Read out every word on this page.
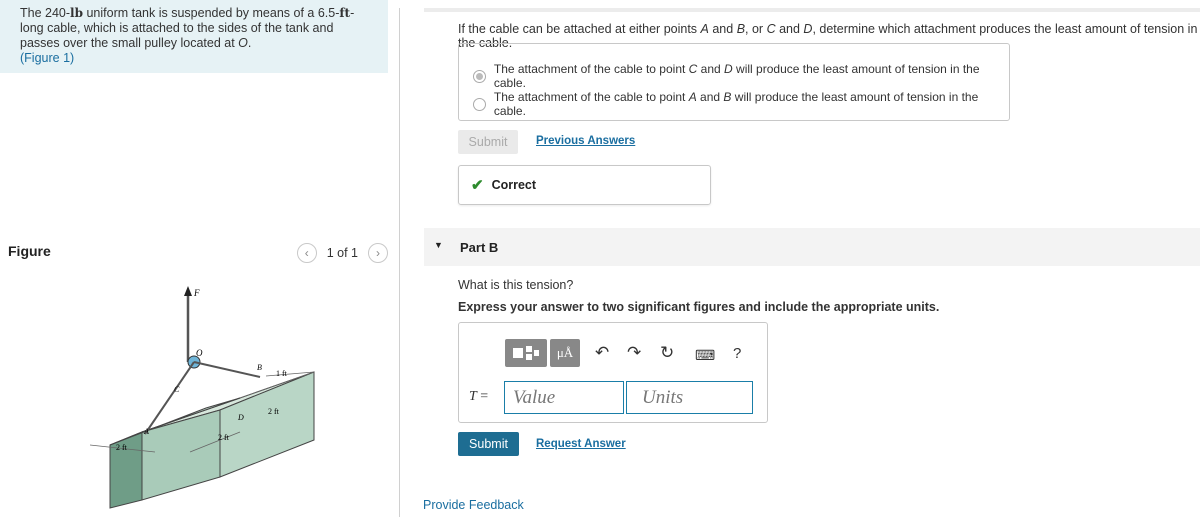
The 240-lb uniform tank is suspended by means of a 6.5-ft-long cable, which is attached to the sides of the tank and passes over the small pulley located at O.
(Figure 1)
Figure	‹	1 of 1	›
F
O
B
C
D
A
1 ft
2 ft
2 ft
2 ft
If the cable can be attached at either points A and B, or C and D, determine which attachment produces the least amount of tension in the cable.
The attachment of the cable to point C and D will produce the least amount of tension in the cable.
The attachment of the cable to point A and B will produce the least amount of tension in the cable.
Submit	Previous Answers
✔ Correct
▼ Part B
What is this tension?
Express your answer to two significant figures and include the appropriate units.
μÅ	↶ ↷ ↻ ⌨ ?
T =	Value	Units
Submit	Request Answer
Provide Feedback
